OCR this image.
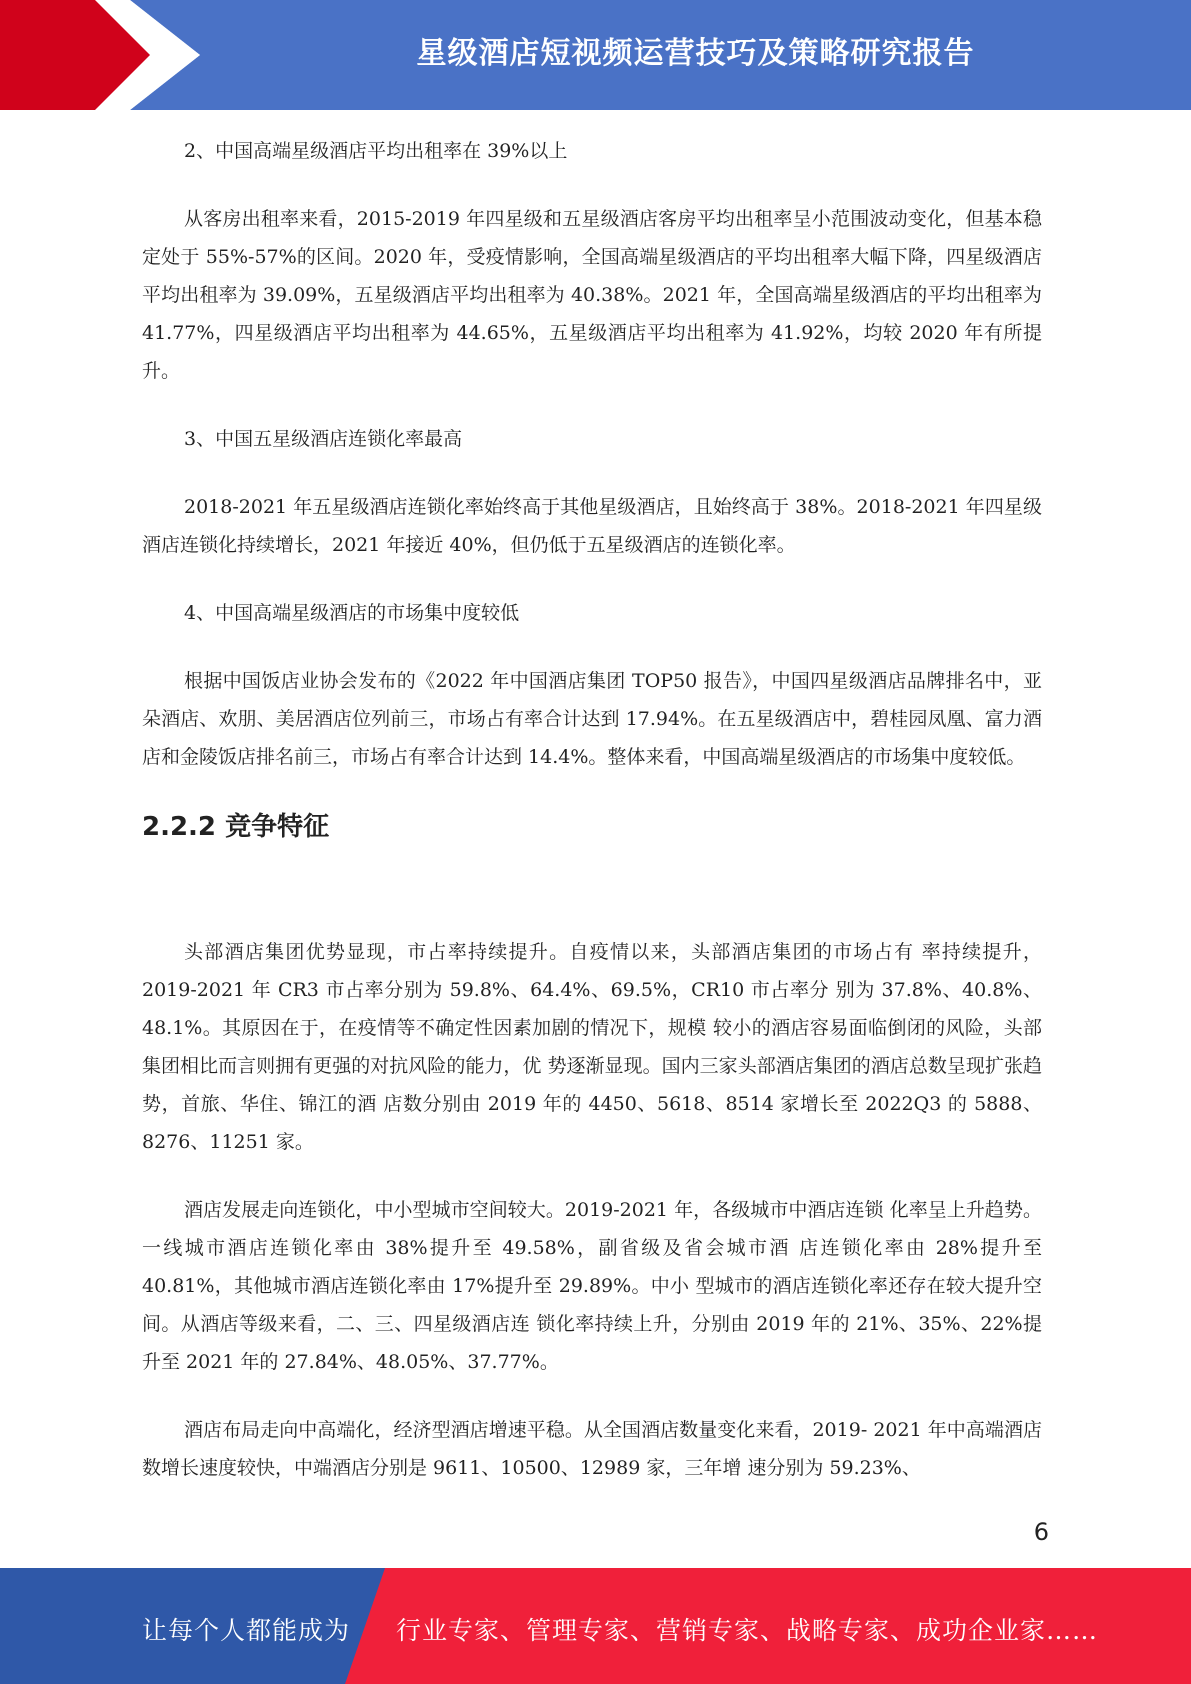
星级酒店短视频运营技巧及策略研究报告

2、中国高端星级酒店平均出租率在 39%以上

从客房出租率来看，2015-2019 年四星级和五星级酒店客房平均出租率呈小范围波动变化，但基本稳定处于 55%-57%的区间。2020 年，受疫情影响，全国高端星级酒店的平均出租率大幅下降，四星级酒店平均出租率为 39.09%，五星级酒店平均出租率为 40.38%。2021 年，全国高端星级酒店的平均出租率为 41.77%，四星级酒店平均出租率为 44.65%，五星级酒店平均出租率为 41.92%，均较 2020 年有所提升。

3、中国五星级酒店连锁化率最高

2018-2021 年五星级酒店连锁化率始终高于其他星级酒店，且始终高于 38%。2018-2021 年四星级酒店连锁化持续增长，2021 年接近 40%，但仍低于五星级酒店的连锁化率。

4、中国高端星级酒店的市场集中度较低

根据中国饭店业协会发布的《2022 年中国酒店集团 TOP50 报告》，中国四星级酒店品牌排名中，亚朵酒店、欢朋、美居酒店位列前三，市场占有率合计达到 17.94%。在五星级酒店中，碧桂园凤凰、富力酒店和金陵饭店排名前三，市场占有率合计达到 14.4%。整体来看，中国高端星级酒店的市场集中度较低。

2.2.2 竞争特征

头部酒店集团优势显现，市占率持续提升。自疫情以来，头部酒店集团的市场占有 率持续提升，2019-2021 年 CR3 市占率分别为 59.8%、64.4%、69.5%，CR10 市占率分 别为 37.8%、40.8%、48.1%。其原因在于，在疫情等不确定性因素加剧的情况下，规模 较小的酒店容易面临倒闭的风险，头部集团相比而言则拥有更强的对抗风险的能力，优 势逐渐显现。国内三家头部酒店集团的酒店总数呈现扩张趋势，首旅、华住、锦江的酒 店数分别由 2019 年的 4450、5618、8514 家增长至 2022Q3 的 5888、8276、11251 家。

酒店发展走向连锁化，中小型城市空间较大。2019-2021 年，各级城市中酒店连锁 化率呈上升趋势。一线城市酒店连锁化率由 38%提升至 49.58%，副省级及省会城市酒 店连锁化率由 28%提升至 40.81%，其他城市酒店连锁化率由 17%提升至 29.89%。中小 型城市的酒店连锁化率还存在较大提升空间。从酒店等级来看，二、三、四星级酒店连 锁化率持续上升，分别由 2019 年的 21%、35%、22%提升至 2021 年的 27.84%、48.05%、37.77%。

酒店布局走向中高端化，经济型酒店增速平稳。从全国酒店数量变化来看，2019- 2021 年中高端酒店数增长速度较快，中端酒店分别是 9611、10500、12989 家，三年增 速分别为 59.23%、

6
让每个人都能成为 行业专家、管理专家、营销专家、战略专家、成功企业家……
